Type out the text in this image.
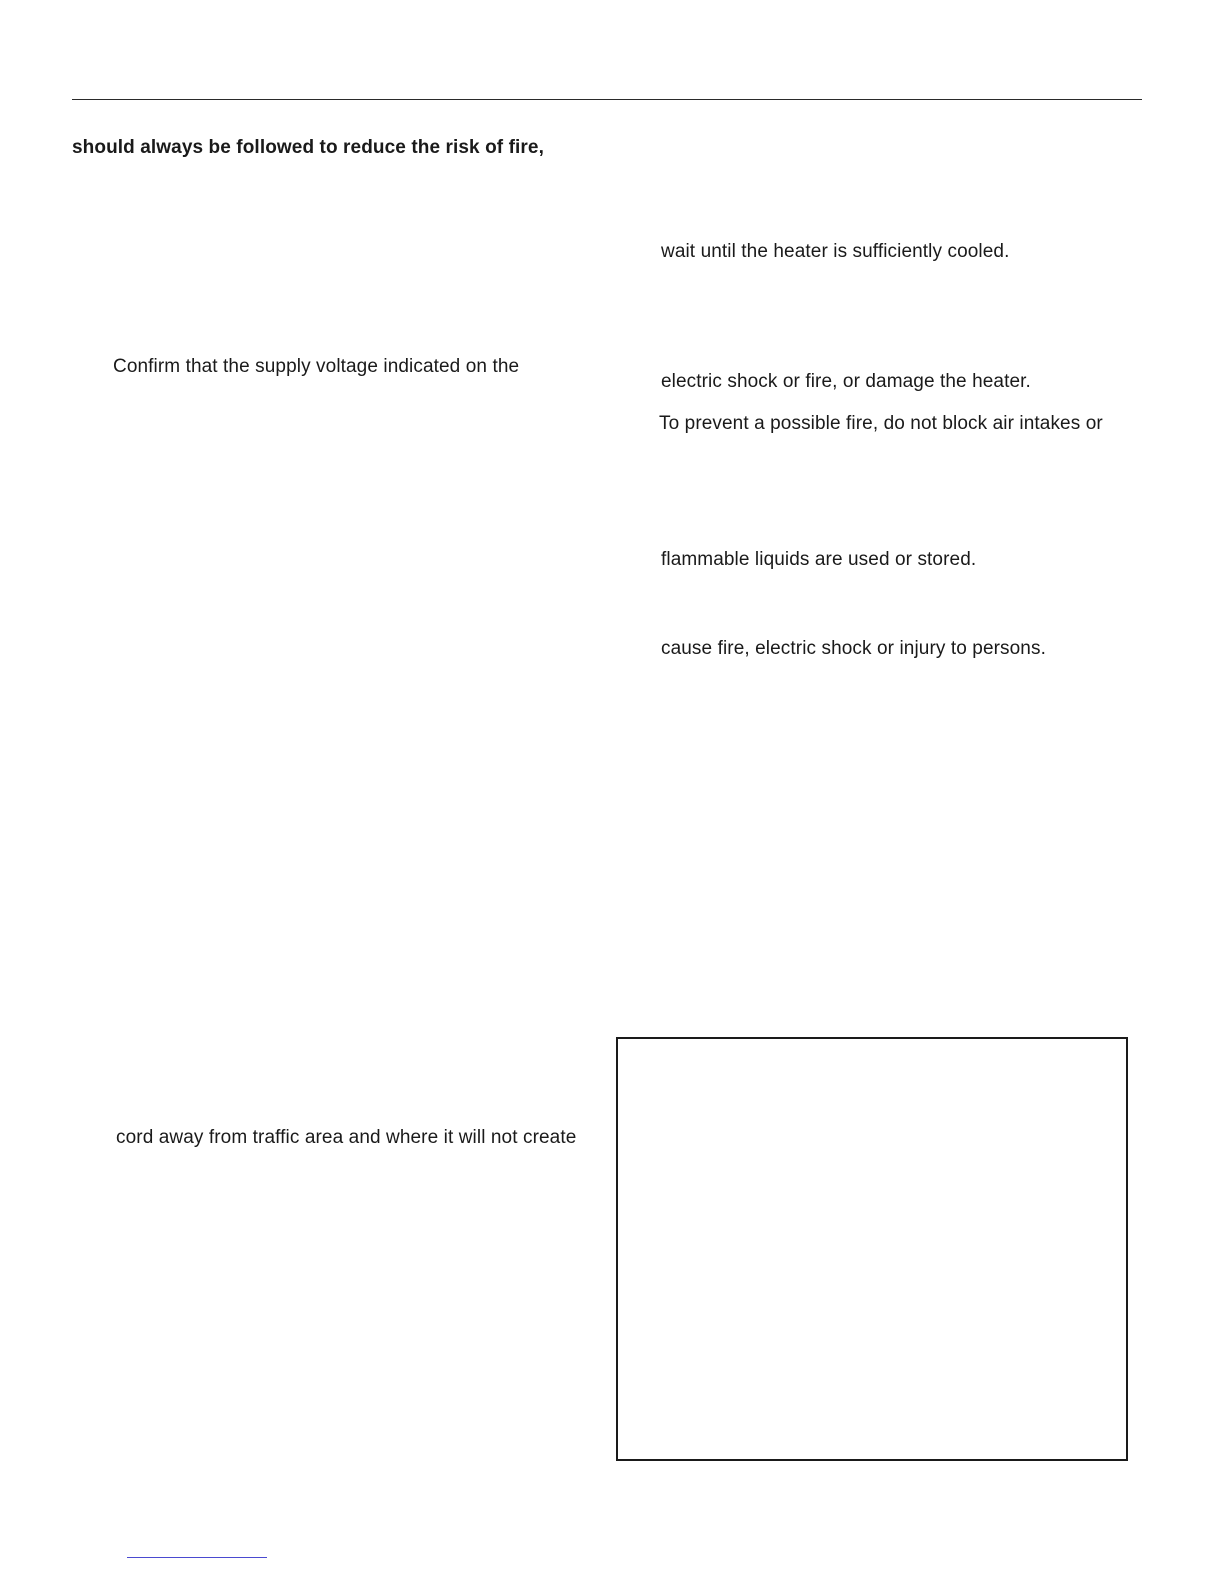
should always be followed to reduce the risk of fire,
Confirm that the supply voltage indicated on the
cord away from traffic area and where it will not create
wait until the heater is sufficiently cooled.
electric shock or fire, or damage the heater.
To prevent a possible fire, do not block air intakes or
flammable liquids are used or stored.
cause fire, electric shock or injury to persons.
